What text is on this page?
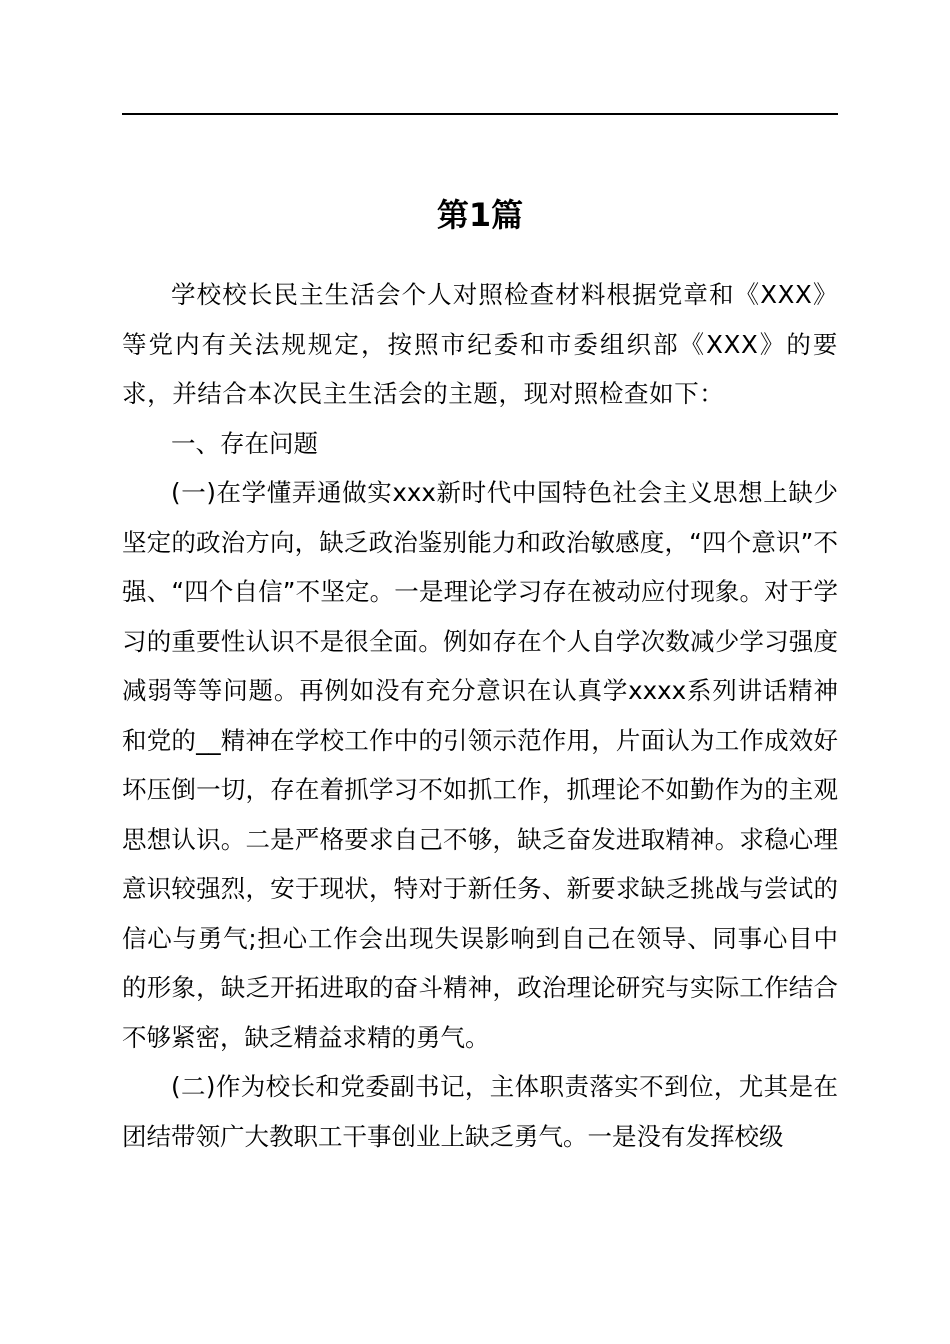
第1篇

学校校长民主生活会个人对照检查材料根据党章和《XXX》等党内有关法规规定，按照市纪委和市委组织部《XXX》的要求，并结合本次民主生活会的主题，现对照检查如下：

一、存在问题

(一)在学懂弄通做实xxx新时代中国特色社会主义思想上缺少坚定的政治方向，缺乏政治鉴别能力和政治敏感度，“四个意识”不强、“四个自信”不坚定。一是理论学习存在被动应付现象。对于学习的重要性认识不是很全面。例如存在个人自学次数减少学习强度减弱等等问题。再例如没有充分意识在认真学xxxx系列讲话精神和党的__精神在学校工作中的引领示范作用，片面认为工作成效好坏压倒一切，存在着抓学习不如抓工作，抓理论不如勤作为的主观思想认识。二是严格要求自己不够，缺乏奋发进取精神。求稳心理意识较强烈，安于现状，特对于新任务、新要求缺乏挑战与尝试的信心与勇气;担心工作会出现失误影响到自己在领导、同事心目中的形象，缺乏开拓进取的奋斗精神，政治理论研究与实际工作结合不够紧密，缺乏精益求精的勇气。

(二)作为校长和党委副书记，主体职责落实不到位，尤其是在团结带领广大教职工干事创业上缺乏勇气。一是没有发挥校级
